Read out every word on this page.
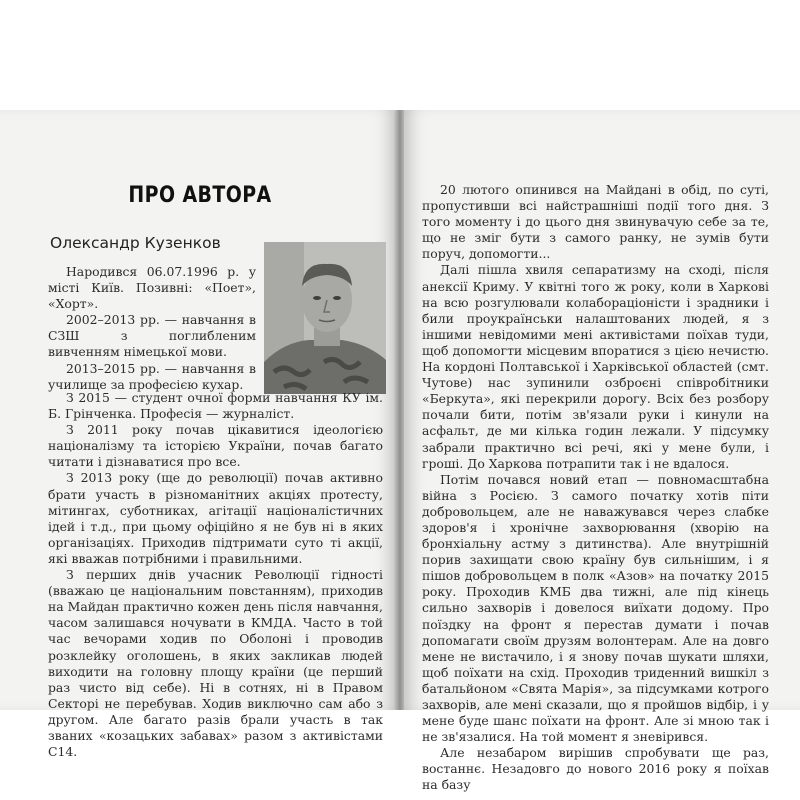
ПРО АВТОРА
Олександр Кузенков

Народився 06.07.1996 р. у місті Київ. Позивні: «Поет», «Хорт».

2002–2013 рр. — навчання в СЗШ з поглибленим вивченням німецької мови.

2013–2015 рр. — навчання в училище за професією кухар.

З 2015 — студент очної форми навчання КУ ім. Б. Грінченка. Професія — журналіст.

З 2011 року почав цікавитися ідеологією націоналізму та історією України, почав багато читати і дізнаватися про все.

З 2013 року (ще до революції) почав активно брати участь в різноманітних акціях протесту, мітингах, суботниках, агітації націоналістичних ідей і т.д., при цьому офіційно я не був ні в яких організаціях. Приходив підтримати суто ті акції, які вважав потрібними і правильними.

З перших днів учасник Революції гідності (вважаю це національним повстанням), приходив на Майдан практично кожен день після навчання, часом залишався ночувати в КМДА. Часто в той час вечорами ходив по Оболоні і проводив розклейку оголошень, в яких закликав людей виходити на головну площу країни (це перший раз чисто від себе). Ні в сотнях, ні в Правом Секторі не перебував. Ходив виключно сам або з другом. Але багато разів брали участь в так званих «козацьких забавах» разом з активістами С14.

20 лютого опинився на Майдані в обід, по суті, пропустивши всі найстрашніші події того дня. З того моменту і до цього дня звинувачую себе за те, що не зміг бути з самого ранку, не зумів бути поруч, допомогти...

Далі пішла хвиля сепаратизму на сході, після анексії Криму. У квітні того ж року, коли в Харкові на всю розгулювали колабораціоністи і зрадники і били проукраїнськи налаштованих людей, я з іншими невідомими мені активістами поїхав туди, щоб допомогти місцевим впоратися з цією нечистю. На кордоні Полтавської і Харківської областей (смт. Чутове) нас зупинили озброєні співробітники «Беркута», які перекрили дорогу. Всіх без розбору почали бити, потім зв'язали руки і кинули на асфальт, де ми кілька годин лежали. У підсумку забрали практично всі речі, які у мене були, і гроші. До Харкова потрапити так і не вдалося.

Потім почався новий етап — повномасштабна війна з Росією. З самого початку хотів піти добровольцем, але не наважувався через слабке здоров'я і хронічне захворювання (хворію на бронхіальну астму з дитинства). Але внутрішній порив захищати свою країну був сильнішим, і я пішов добровольцем в полк «Азов» на початку 2015 року. Проходив КМБ два тижні, але під кінець сильно захворів і довелося виїхати додому. Про поїздку на фронт я перестав думати і почав допомагати своїм друзям волонтерам. Але на довго мене не вистачило, і я знову почав шукати шляхи, щоб поїхати на схід. Проходив триденний вишкіл з батальйоном «Свята Марія», за підсумками котрого захворів, але мені сказали, що я пройшов відбір, і у мене буде шанс поїхати на фронт. Але зі мною так і не зв'язалися. На той момент я зневірився.

Але незабаром вирішив спробувати ще раз, востаннє. Незадовго до нового 2016 року я поїхав на базу
